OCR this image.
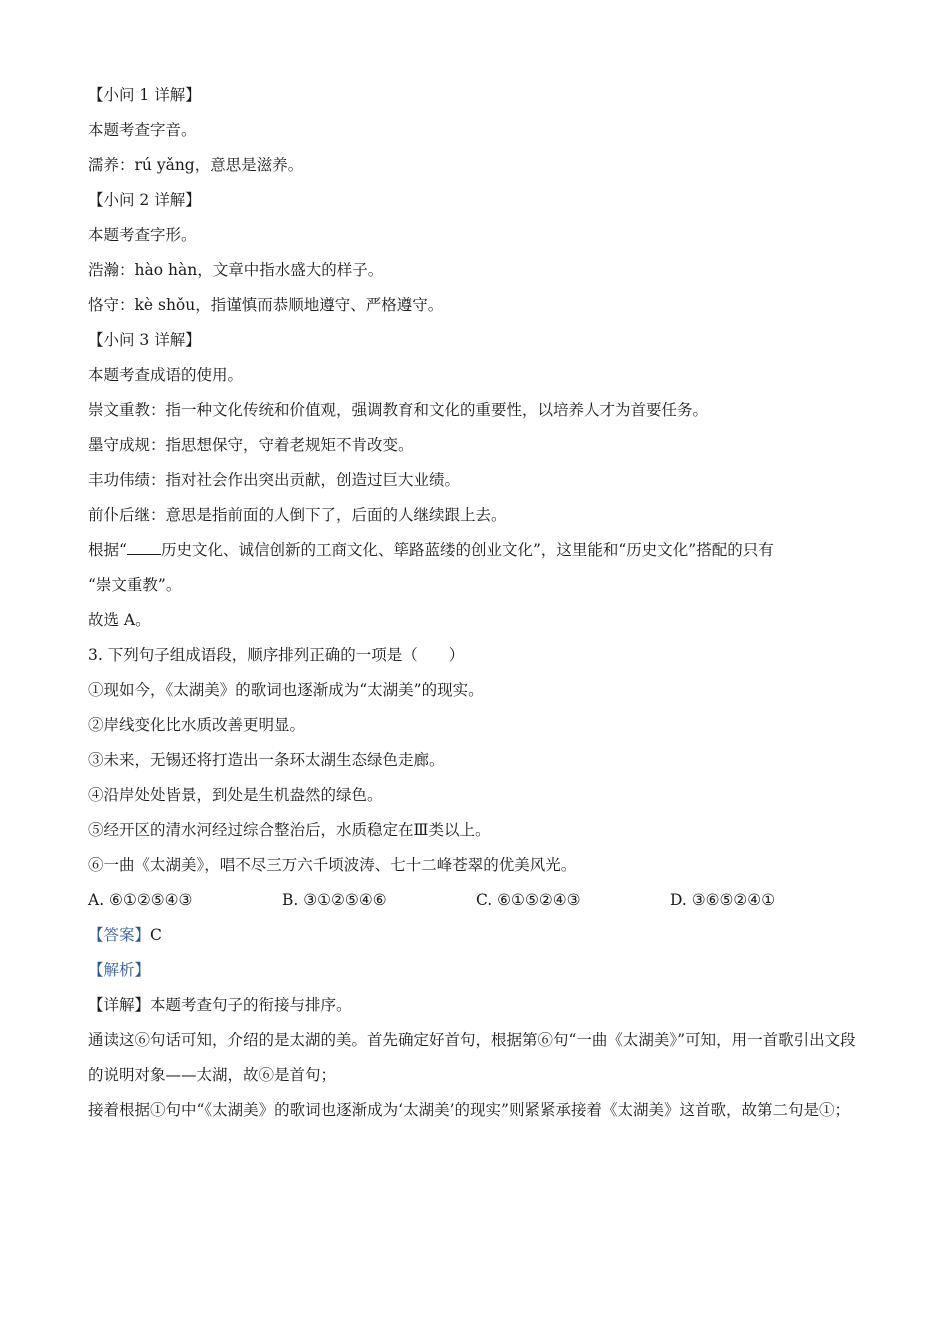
【小问 1 详解】
本题考查字音。
濡养：rú yǎng，意思是滋养。
【小问 2 详解】
本题考查字形。
浩瀚：hào hàn，文章中指水盛大的样子。
恪守：kè shǒu，指谨慎而恭顺地遵守、严格遵守。
【小问 3 详解】
本题考查成语的使用。
崇文重教：指一种文化传统和价值观，强调教育和文化的重要性，以培养人才为首要任务。
墨守成规：指思想保守，守着老规矩不肯改变。
丰功伟绩：指对社会作出突出贡献，创造过巨大业绩。
前仆后继：意思是指前面的人倒下了，后面的人继续跟上去。
根据“ 历史文化、诚信创新的工商文化、筚路蓝缕的创业文化”，这里能和“历史文化”搭配的只有
“崇文重教”。
故选 A。
3. 下列句子组成语段，顺序排列正确的一项是（　　）
①现如今，《太湖美》的歌词也逐渐成为“太湖美”的现实。
②岸线变化比水质改善更明显。
③未来，无锡还将打造出一条环太湖生态绿色走廊。
④沿岸处处皆景，到处是生机盎然的绿色。
⑤经开区的清水河经过综合整治后，水质稳定在Ⅲ类以上。
⑥一曲《太湖美》，唱不尽三万六千顷波涛、七十二峰苍翠的优美风光。
A. ⑥①②⑤④③	B. ③①②⑤④⑥	C. ⑥①⑤②④③	D. ③⑥⑤②④①
【答案】C
【解析】
【详解】本题考查句子的衔接与排序。
通读这⑥句话可知，介绍的是太湖的美。首先确定好首句，根据第⑥句“一曲《太湖美》”可知，用一首歌引出文段的说明对象——太湖，故⑥是首句；
接着根据①句中“《太湖美》的歌词也逐渐成为‘太湖美’的现实”则紧紧承接着《太湖美》这首歌，故第二句是①；
